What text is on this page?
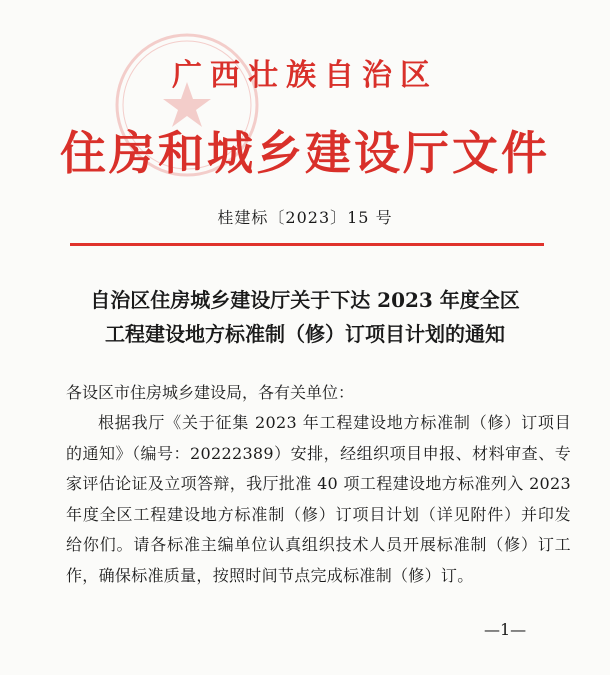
广西壮族自治区
住房和城乡建设厅文件
桂建标〔2023〕15 号
自治区住房城乡建设厅关于下达 2023 年度全区
工程建设地方标准制（修）订项目计划的通知
各设区市住房城乡建设局，各有关单位：
根据我厅《关于征集 2023 年工程建设地方标准制（修）订项目的通知》（编号：20222389）安排，经组织项目申报、材料审查、专家评估论证及立项答辩，我厅批准 40 项工程建设地方标准列入 2023 年度全区工程建设地方标准制（修）订项目计划（详见附件）并印发给你们。请各标准主编单位认真组织技术人员开展标准制（修）订工作，确保标准质量，按照时间节点完成标准制（修）订。
—1—
